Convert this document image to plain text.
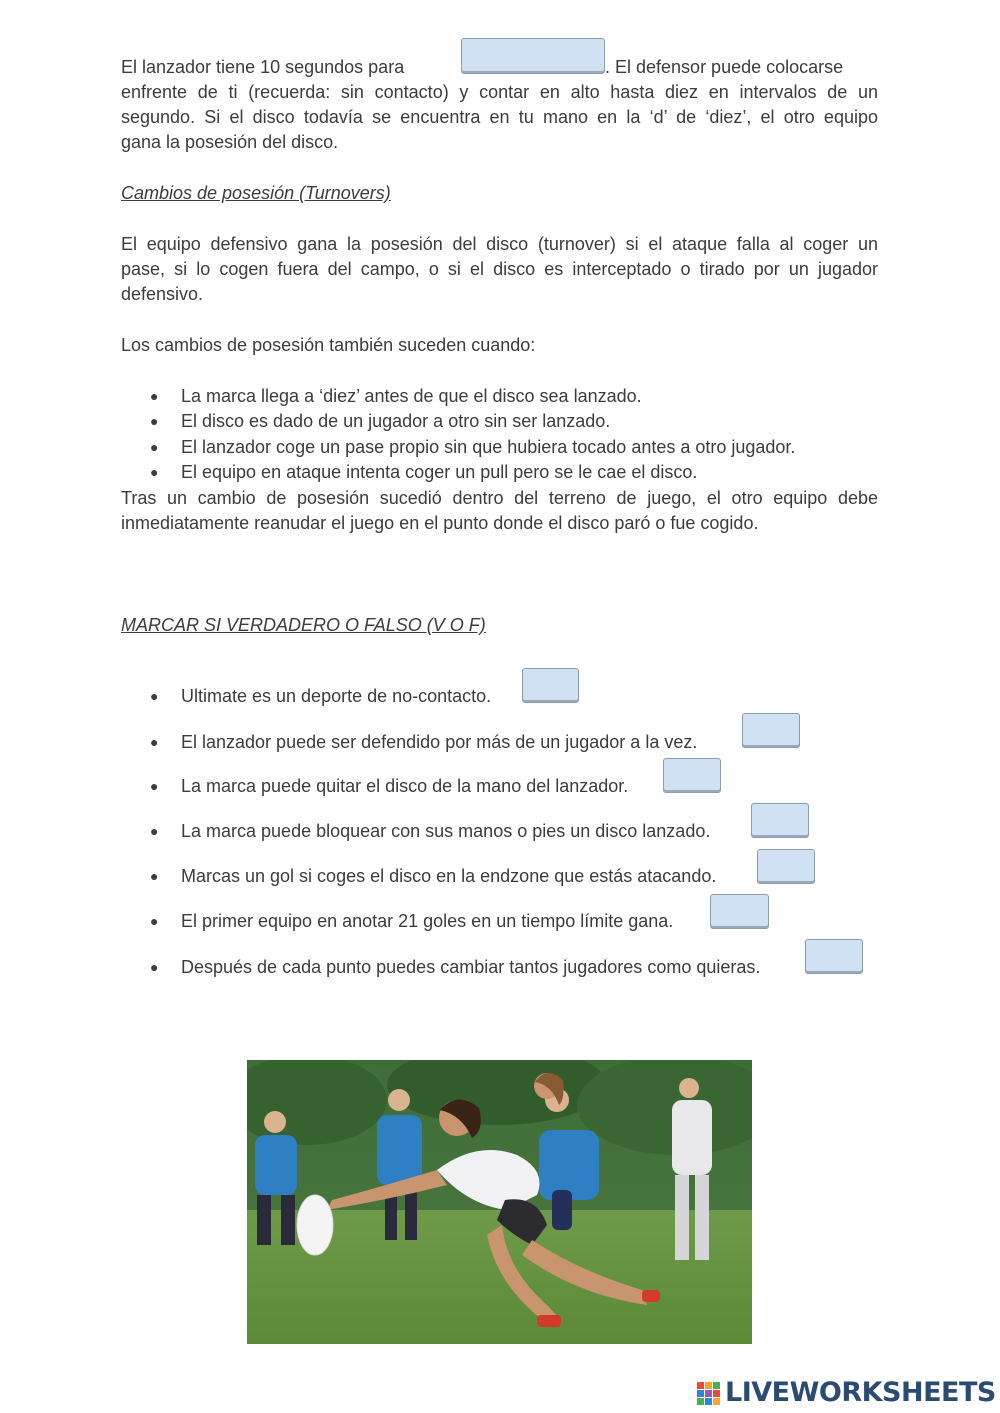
El lanzador tiene 10 segundos para	. El defensor puede colocarse
enfrente de ti (recuerda: sin contacto) y contar en alto hasta diez en intervalos de un
segundo. Si el disco todavía se encuentra en tu mano en la ‘d’ de ‘diez’, el otro equipo
gana la posesión del disco.
Cambios de posesión (Turnovers)
El equipo defensivo gana la posesión del disco (turnover) si el ataque falla al coger un
pase, si lo cogen fuera del campo, o si el disco es interceptado o tirado por un jugador
defensivo.
Los cambios de posesión también suceden cuando:
● La marca llega a ‘diez’ antes de que el disco sea lanzado.
● El disco es dado de un jugador a otro sin ser lanzado.
● El lanzador coge un pase propio sin que hubiera tocado antes a otro jugador.
● El equipo en ataque intenta coger un pull pero se le cae el disco.
Tras un cambio de posesión sucedió dentro del terreno de juego, el otro equipo debe
inmediatamente reanudar el juego en el punto donde el disco paró o fue cogido.
MARCAR SI VERDADERO O FALSO (V O F)
● Ultimate es un deporte de no-contacto.
● El lanzador puede ser defendido por más de un jugador a la vez.
● La marca puede quitar el disco de la mano del lanzador.
● La marca puede bloquear con sus manos o pies un disco lanzado.
● Marcas un gol si coges el disco en la endzone que estás atacando.
● El primer equipo en anotar 21 goles en un tiempo límite gana.
● Después de cada punto puedes cambiar tantos jugadores como quieras.
LIVEWORKSHEETS
